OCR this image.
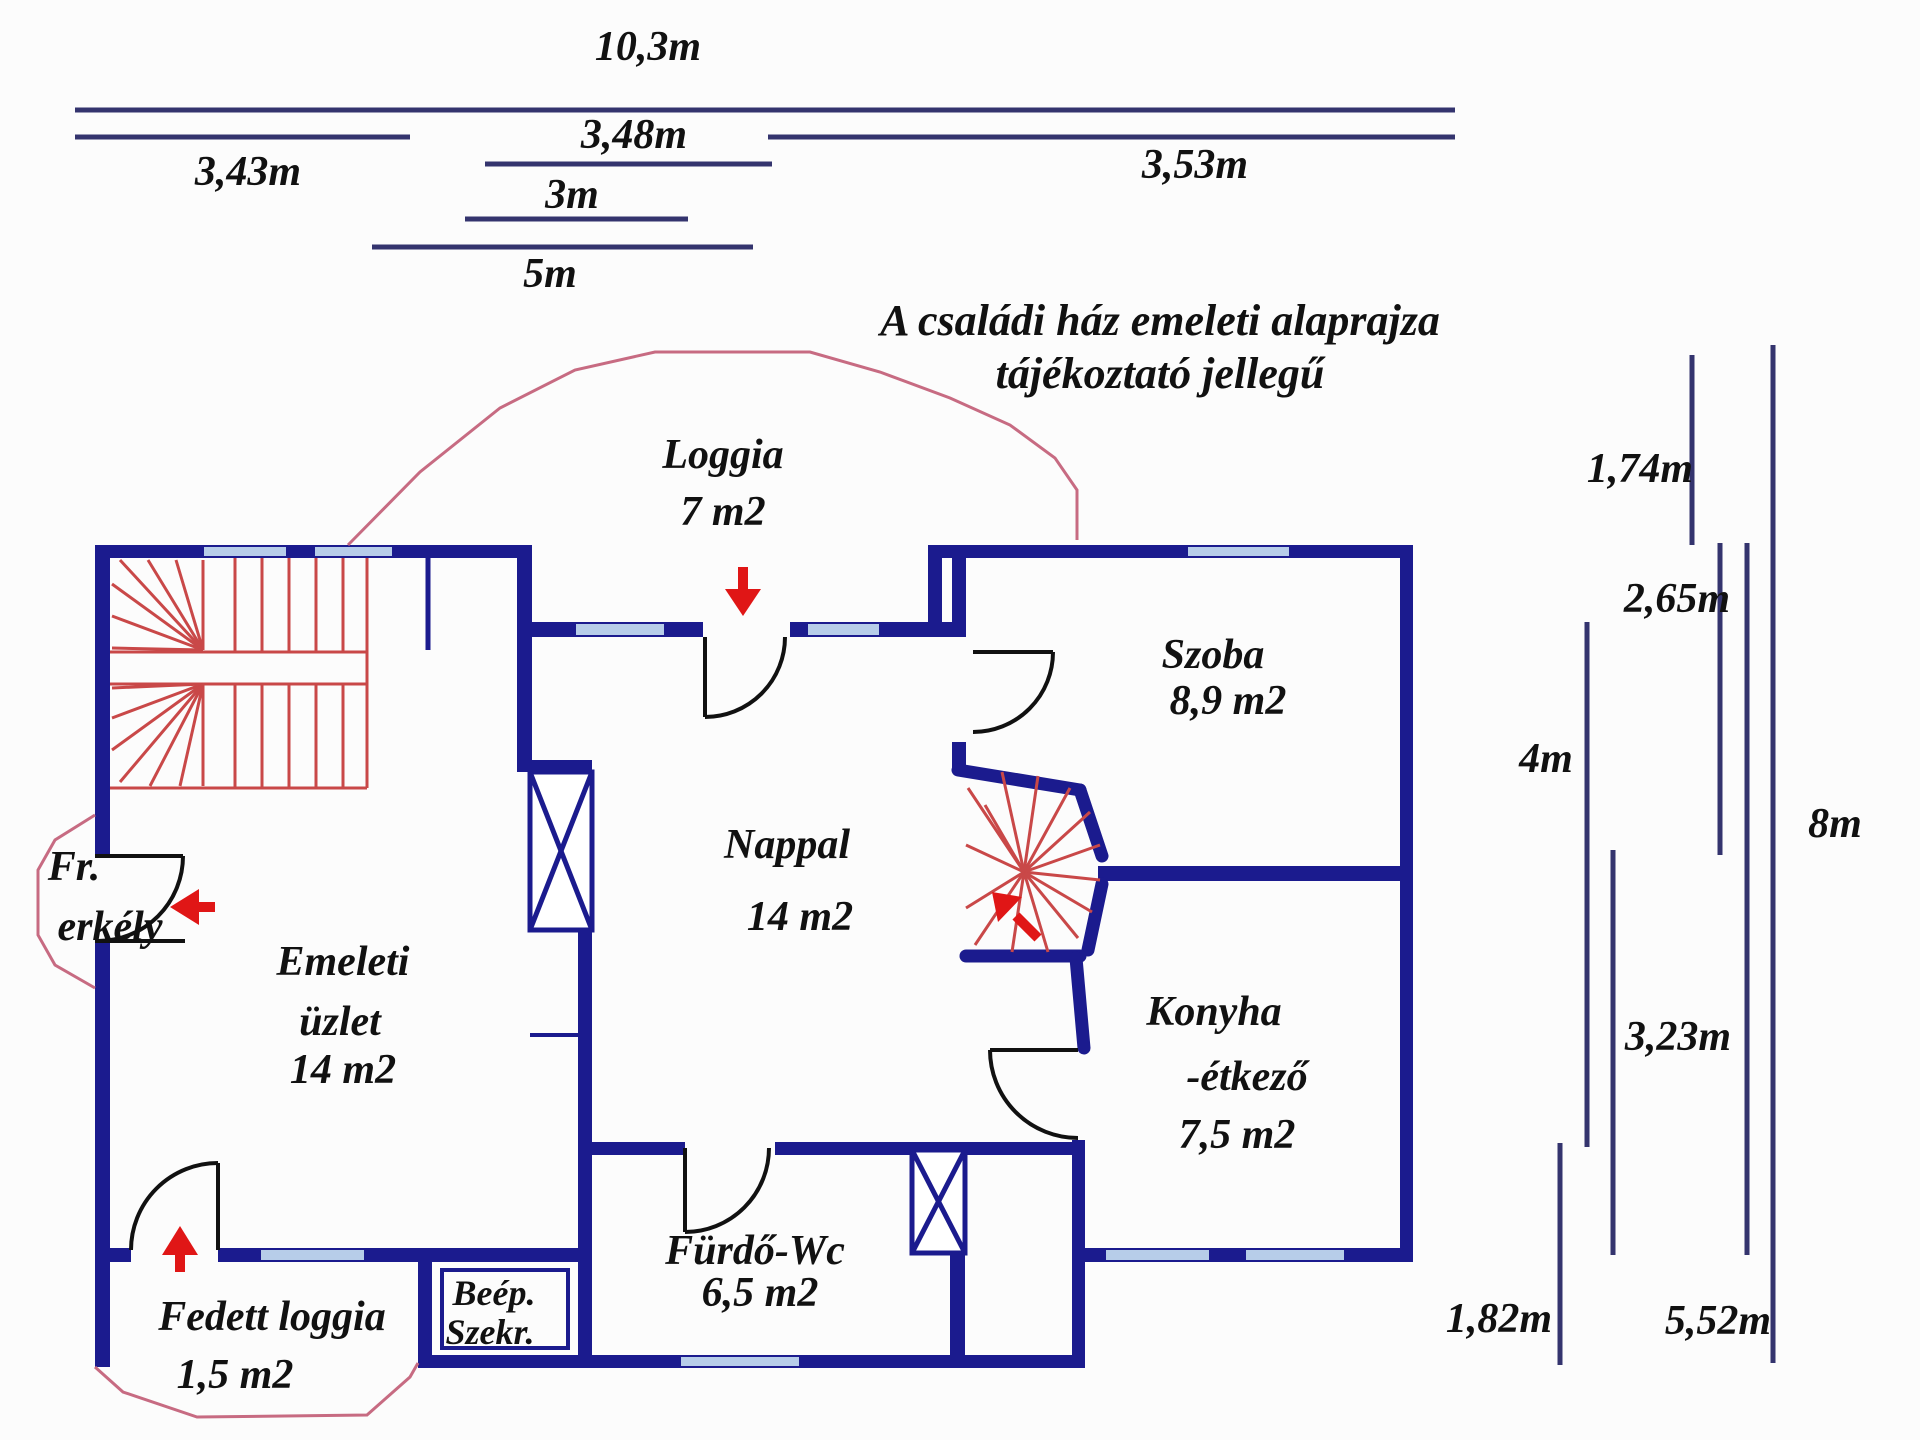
A családi ház emeleti alaprajza
tájékoztató jellegű
10,3m
3,43m
3,48m
3m
5m
3,53m
1,74m
2,65m
4m
8m
3,23m
1,82m	5,52m
Loggia
7 m2
Szoba
8,9 m2
Nappal
14 m2
Emeleti
üzlet
14 m2
Fr.
erkély
Konyha
-étkező
7,5 m2
Fürdő-Wc
6,5 m2
Beép.
Szekr.
Fedett loggia
1,5 m2
